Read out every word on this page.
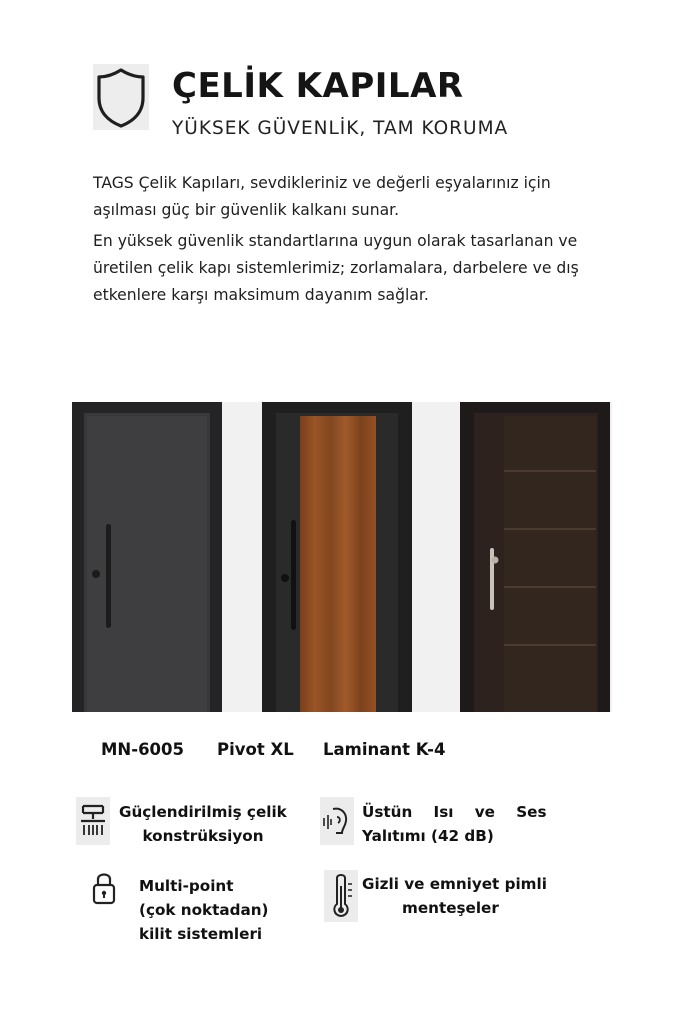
ÇELİK KAPILAR
YÜKSEK GÜVENLİK, TAM KORUMA
TAGS Çelik Kapıları, sevdikleriniz ve değerli eşyalarınız için aşılması güç bir güvenlik kalkanı sunar.
En yüksek güvenlik standartlarına uygun olarak tasarlanan ve üretilen çelik kapı sistemlerimiz; zorlamalara, darbelere ve dış etkenlere karşı maksimum dayanım sağlar.
MN-6005 Pivot XL Laminant K-4
Güçlendirilmiş çelik
konstrüksiyon
Üstün Isı ve Ses
Yalıtımı (42 dB)
Multi-point
(çok noktadan)
kilit sistemleri
Gizli ve emniyet pimli
menteşeler
